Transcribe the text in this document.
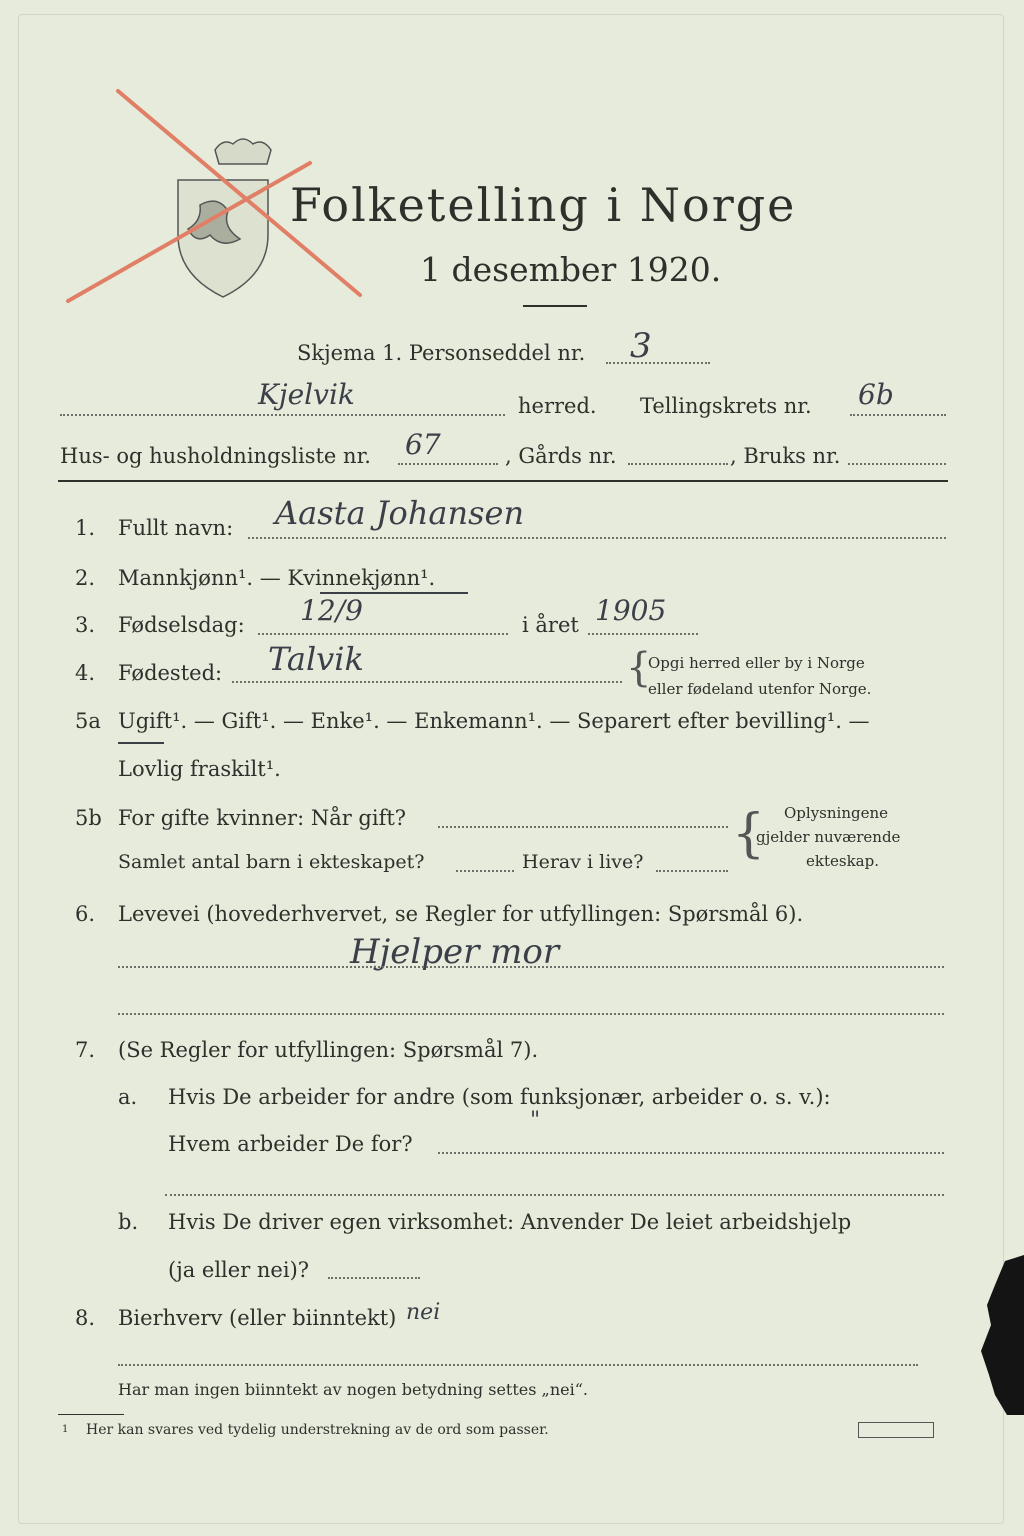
Folketelling i Norge
1 desember 1920.
Skjema 1. Personseddel nr. 3
Kjelvik	herred. Tellingskrets nr. 6b
Hus- og husholdningsliste nr. 67	, Gårds nr.	, Bruks nr.
1. Fullt navn: Aasta Johansen
2. Mannkjønn¹. — Kvinnekjønn¹.
3. Fødselsdag: 12/9	i året 1905
4. Fødested: Talvik	{
Opgi herred eller by i Norge
eller fødeland utenfor Norge.
5a Ugift¹. — Gift¹. — Enke¹. — Enkemann¹. — Separert efter bevilling¹. —
Lovlig fraskilt¹.
5b For gifte kvinner: Når gift?
Samlet antal barn i ekteskapet?	Herav i live? { Oplysningene
gjelder nuværende
ekteskap.
6. Levevei (hovederhvervet, se Regler for utfyllingen: Spørsmål 6).
Hjelper mor
7. (Se Regler for utfyllingen: Spørsmål 7).
a. Hvis De arbeider for andre (som funksjonær, arbeider o. s. v.):
Hvem arbeider De for?
"
b. Hvis De driver egen virksomhet: Anvender De leiet arbeidshjelp
(ja eller nei)?
8. Bierhverv (eller biinntekt) nei
Har man ingen biinntekt av nogen betydning settes „nei“.
1 Her kan svares ved tydelig understrekning av de ord som passer.
